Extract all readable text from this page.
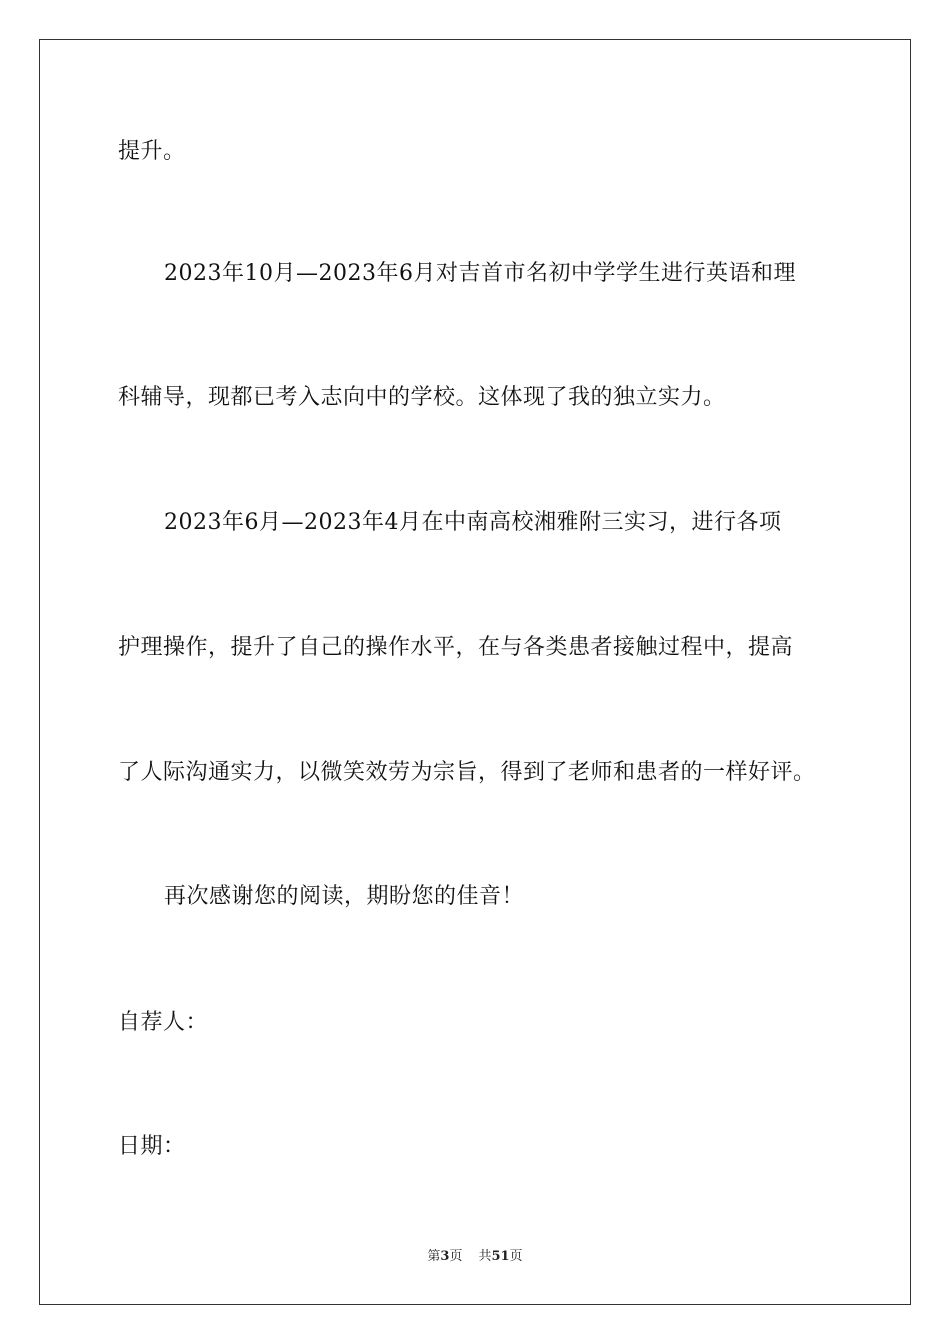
提升。
2023年10月—2023年6月对吉首市名初中学学生进行英语和理
科辅导，现都已考入志向中的学校。这体现了我的独立实力。
2023年6月—2023年4月在中南高校湘雅附三实习，进行各项
护理操作，提升了自己的操作水平，在与各类患者接触过程中，提高
了人际沟通实力，以微笑效劳为宗旨，得到了老师和患者的一样好评。
再次感谢您的阅读，期盼您的佳音！
自荐人：
日期：
第3页 共51页
